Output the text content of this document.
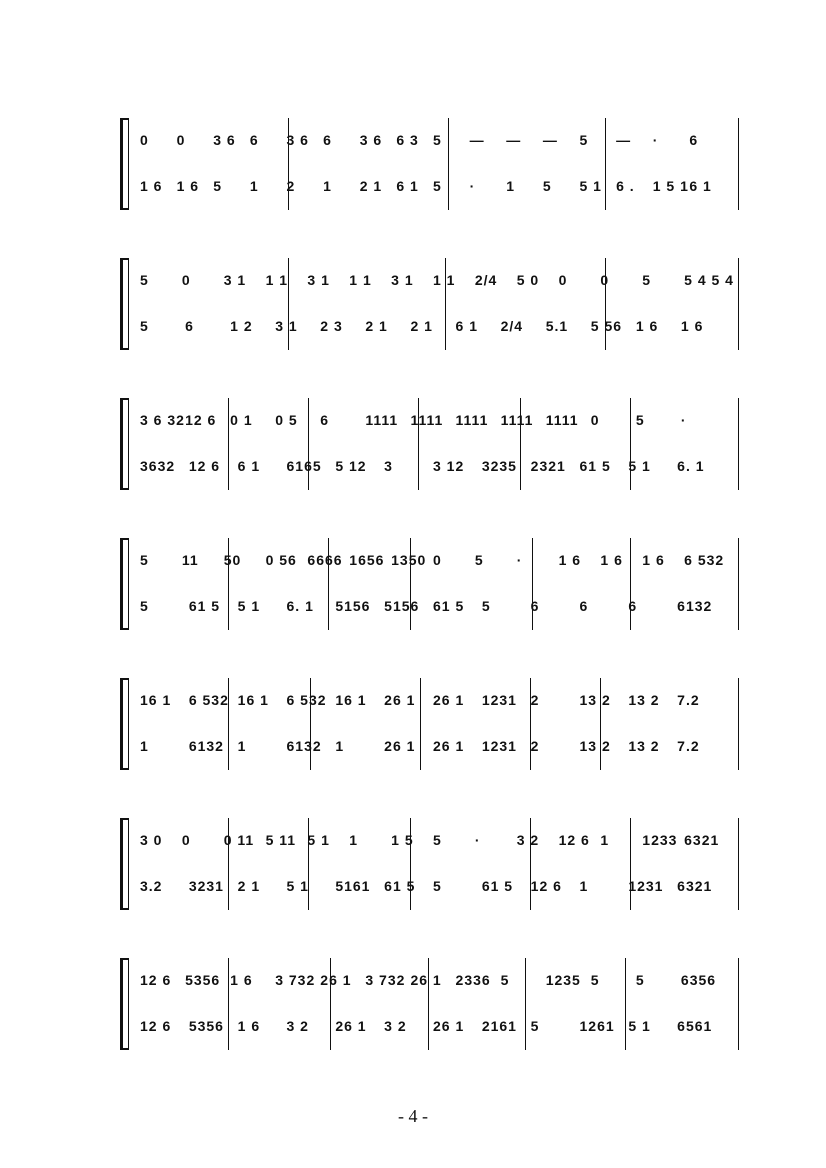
0 0 3 6 6 3 6 6 3 6 6 3 5 — — — 5 — · 6
1 6 1 6 5 1 2 1 2 1 6 1 5 · 1 5 5 1 6 . 1 5 1 6 1
5 0 3 1 1 1 3 1 1 1 3 1 1 1 2/4 5 0 0 0 5 5 4 5 4
5	6	1 2 3 1 2 3 2 1 2 1 6 1 2/4 5.1 5 56 1 6 1 6
3 6 32 12 6 0 1 0 5 6	1111 1111 1111 1111 1111 0	5	·
3632 12 6 6 1 6165 5 12 3	3 12 3235 2321 61 5 5 1 6. 1
5 11 50 0 56 6666 1656 1350 0 5 ·	1 6 1 6 1 6 6 532
5	61 5 5 1 6. 1 5156 5156 61 5 5	6	6	6	6132
16 1 6 532 16 1 6 532 16 1 26 1 26 1 1231 2	13 2 13 2 7.2
1	6132 1	6132 1	26 1 26 1 1231 2	13 2 13 2 7.2
3 0 0 0 11 5 11 5 1 1 1 5 5 ·	3 2 12 6 1 1233 6321
3.2 3231 2 1 5 1 5161 61 5 5	61 5 12 6 1	1231 6321
12 6 5356 1 6 3 732 26 1 3 732 26 1 2336 5	1235 5	5	6356
12 6 5356 1 6 3 2 26 1 3 2 26 1 2161 5	1261 5 1 6561
- 4 -
